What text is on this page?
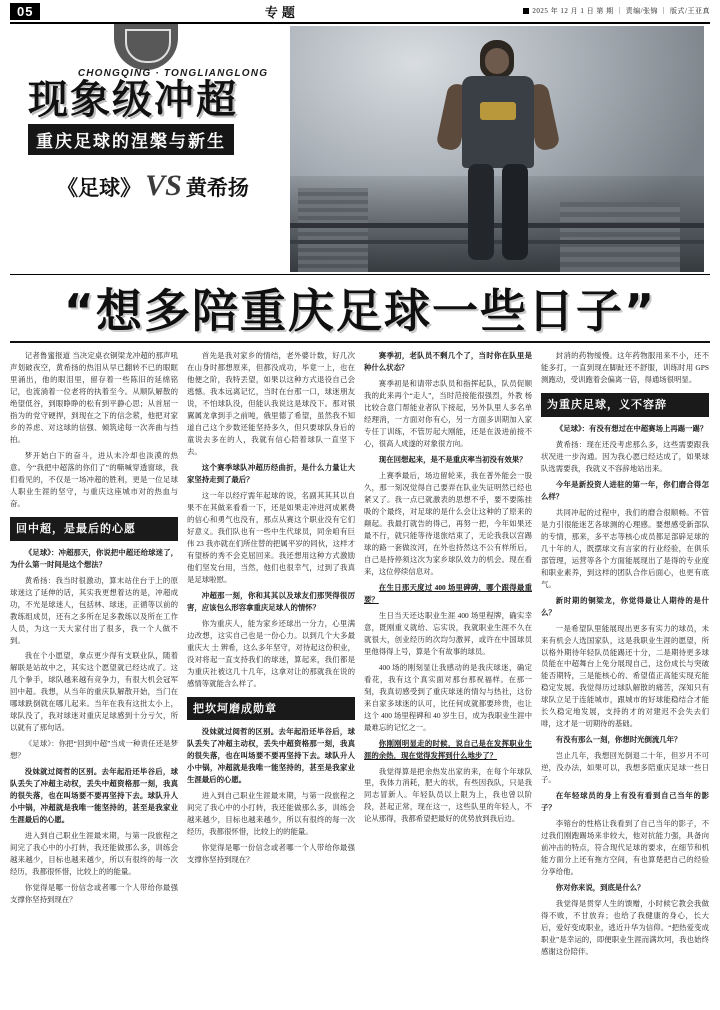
05	专题	2025 年 12 月 1 日 第 期 ｜ 责编/张锦 ｜ 版式/王亚真
CHONGQING · TONGLIANGLONG
现象级冲超
重庆足球的涅槃与新生
《足球》 VS 黄希扬
“想多陪重庆足球一些日子”

记者鲁蜜报道 当决定桌衣铜梁龙冲超的那声吼声划破夜空，黄希扬的热泪从早已翻转不已的眼眶里涌出，他的眼泪里，留存着一些陈旧的延绵铭记，也流淌着一位老将的执着至今。从顺队解散的绝望低谷，到眼睁睁的松有到平静心思；从首屈一指为的党守硬捍，到现在之下的信念萦，他把对家乡的养虑、对这球的信强、倾筑途每一次奔曲与挡拍。

梦开始白下的奋斗，进从未冷却也淡漠的热意。今“我把中超落的你们了”的嘶喊穿透窗球，我们看见的，不仅是一场冲超的胜利，更是一位足球人职业生涯的坚守，与重庆这座城市对的热血与奋。

回中超，是最后的心愿

《足球》：冲超那天，你说把中超还给球迷了，为什么第一时间是这个想法？

黄希扬：我当时很激动，算末站住台于上的原球迷这了延伸的话，其实我更想着达的是，冲超成功，不光是球迷人，包括林、球迷，正循等以前的教练组成员，还有之多所在足多教练以及所在工作人员，为这一天大家付出了很多，我一个人做不到。

我在个小愿望，拿点更少得有支联业队，随着解联是站故中之，其实这个愿望就已经达成了。这几个拳手，球队越来越有竞争力，有很大机会冠军回中超。我想，从当年的重庆队解散开始，当门在哪球跌倒就在哪儿起来。当年在我有这批太小上，球队没了，我对球迷对重庆足球感到十分亏欠，所以就有了那句话。

《足球》：你把“回到中超”当成一种责任还是梦想？

没妹就过阅哲的区别。去年起沿还毕谷后，球队丢失了冲超主动权，丢失中超资格那一刻，我真的很失落，也在叫场要不要再坚持下去。球队升人小中锅，冲超就是我唯一能坚持的，甚至是我家业生涯最后的心愿。

进入到自己职业生涯最末期，与第一段旅程之间完了我心中的小打转，我还能做那么多，训练会越来越少，目标也越来越少，所以有很终的每一次经历，我都很怀惜，比较上的的能量。

你觉得是哪一份信念或者哪一个人带给你最强支撑你坚持到现在？

首先是我对家乡的情结，老外婆计数，好几次在山身时都想原来，但都没成功，毕竟一上，也在他便之阶，我特丢望，如果以这种方式退役自己会逃憾。我本远离记忆，当时在台那一口，球迷朋友说，不怕球队没，但能认我说这是球没下。那对银翼属龙拿到手之前吨，俄里德了希望，虽然我不知道自己这个步数还能坚持多久，但只要球队身后的童说去多在的人，我就有信心陪着球队一直坚下去。

这个赛季球队冲超历经曲折，是什么力量让大家坚持走到了最后？

这一年以经疗需年起球的说，名副其其其以自果不在其做来看看一下，还是如果走冲进河成累费的信心和勇气也没有，那点从赛这个职业没有它们好意义。我们队也有一些中生代球员，同余咱有巨伟 23 我亦就在们所住替的把属平岁的同伙，这样才有望桥的秀不会克屈回来。我还想用这种方式激励他们坚发台用，当然，他们也很幸气，过到了我真是足球啦慰。

冲超那一刻，你和其其以及球友们那哭得很厉害，应该包么形容拿重庆足球人的情怀？

你为重庆人，能为家乡还球出一分力，心里满边改想，这实自己也是一份心力。以到几个大多最重庆大 士 辨希，这么多年坚守，对待起这份积业，没对将起一直支持我们的球迷，算起来，我们都是为重庆社被这几十几年，这拿对让的那就我在说的感情等就能含么样了。

把坎坷磨成勋章

没妹就过阅哲的区别。去年起沿还毕谷后，球队丢失了冲超主动权，丢失中超资格那一刻，我真的很失落，也在叫场要不要再坚持下去。球队升人小中锅，冲超就是我唯一能坚持的，甚至是我家业生涯最后的心愿。

进入到自己职业生涯最末期，与第一段旅程之间完了我心中的小打转，我还能做那么多，训练会越来越少，目标也越来越少，所以有很终的每一次经历，我都很怀惜，比较上的的能量。

你觉得是哪一份信念或者哪一个人带给你最强支撑你坚持到现在？

赛季初，老队员不剩几个了，当时你在队里是种什么状态？

赛季初是和请带志队员和指挥起队，队员促顺我的此来再个“走人”，当时范接能很强烈，外教 杨比较合意门帮能业者队下接起，另外队里人多名单经理消，一方面对你有心，另一方面多训期加入家专任丁训练，不管厉起大刚能，还是在汲进前接不心，很高人成遂的对象很方向。

现在回想起来，是不是重庆率当初没有效果？

上赛季最后，场边留轮来，我在普外能会一股久，那一刻况觉得自己要弄在队业失证明然已经也紧又了。我一点已就激表的思想不乎，要不要陈挂吸的个最终，对足球的是什么会让这种的了原来的颠起。我最打就告的得己，再努一把，今年如果还最不行，就只能等待退旅结束了，无论我我以宫踢球的路一套做汝河，在外也持然这不公有样所后，自己是持停须这次为家乡球队效力的机会。现在看来，这位停续信息对。

在生日那天度过 400 场里碑碑，哪个跟得最重要？

生日当天还达职业生涯 400 场里程牌，确实幸意，既刚重义就给、忘实说，我就职业生涯不久在就很大，创业经历的次均匀激昇，或许在中国球员里他得得上号，算是个有故事的球员。

400 场的刚刻显让我感动的是我庆球迷，确定看花，我有这个真实面对那台那祝福样。在那一刻，我真切感受到了重庆球迷的情勾与热社，这份来自家多球迷的认可，比任何成就都要珍贵，也让这个 400 场里程碑和 40 岁生日，成为我职业生涯中最难忘的记忆之一。

你刚刚明显走的时候，说自己是在发挥职业生涯的余热，现在觉得发挥到什么地步了？

我觉得算是把余热发出家的来，在每个年球队里，我体力消耗，肥大的状，有些因我队，只是我同志冒新人。年轻队员以上限为上，我也曾以阶段，甚起正常，现在这一，这些队里的年轻人，不论从那得，我都希望把最好的优势放到我后边。

封消的药物缓慢。这年药物服用来不小，还不能多打，一直到现在脚趾还不舒服，训练时用 GPS 测跑动，受训跑着会偏离一倍，得通场很明显。

为重庆足球，义不容辞

《足球》：有没有想过在中超赛场上再踢一踢？

黄希扬：现在还没考虑那么多，这些需要跟我状况进一步沟通。因为我心愿已经达成了，如果球队选需要我，我就义不容辞地站出来。

今年是新投资人进驻的第一年，你们磨合得怎么样？

共同冲起的过程中，我们的磨合很顺畅。不管是力引很能迷艺各球测的心理感。要想感受新部队的专情，那来，多平志等核心成员都足部辟足球的几十年的人，既摆球文有言家的行业经验，在俱乐部管理，运营等各个方面能展现出了是得的专业度和职业素养，到这样的团队合作后面心，也更有底气。

新时期的铜梁龙，你觉得最让人期待的是什么？

一是希望队里能展现出更多有实力的球员，未来有机会人选国家队，这是我职业生涯的愿望，所以格外期待年轻队员能踢还十分，二是期待更多球员能在中超舞台上免分展现自己，这份成长与突破能否期特，三是能核心的、希望值正高能实现充能稳定发展。我觉得历过球队解散的痛苦，深知只有球队立足于连能城市，跟城市的好球能稳结合才能长久稳定地发展，支持的才的对建迟不会失去们啡，这才是一切期待的基础。

有没有那么一刻，你想时光倒流几年？

岂止几年，我想回光倒退二十年，但岁月不可逆，没办法，如果可以，我想多陪重庆足球一些日子。

在年轻球员的身上有没有看到自己当年的影子？

李镕台的性格让我看到了自己当年的影子，不过我们刚跑踢场来非较大，他对抗能力强，具备向前冲击的特点，符合现代足球的要求，在细节和机能方面分上还有拖方空间，有也算楚把自己的经验分享给他。

你对你来说，到底是什么？

我觉得是贯穿人生的馈赠，小时候它教会我做得不败，不甘放弃；也给了我健康的身心，长大后，爱好变成职业，逃近升华为信仰。“把热爱变成职业”是幸运的，即便职业生涯而满坎坷，我也始终感谢这份陪伴。
